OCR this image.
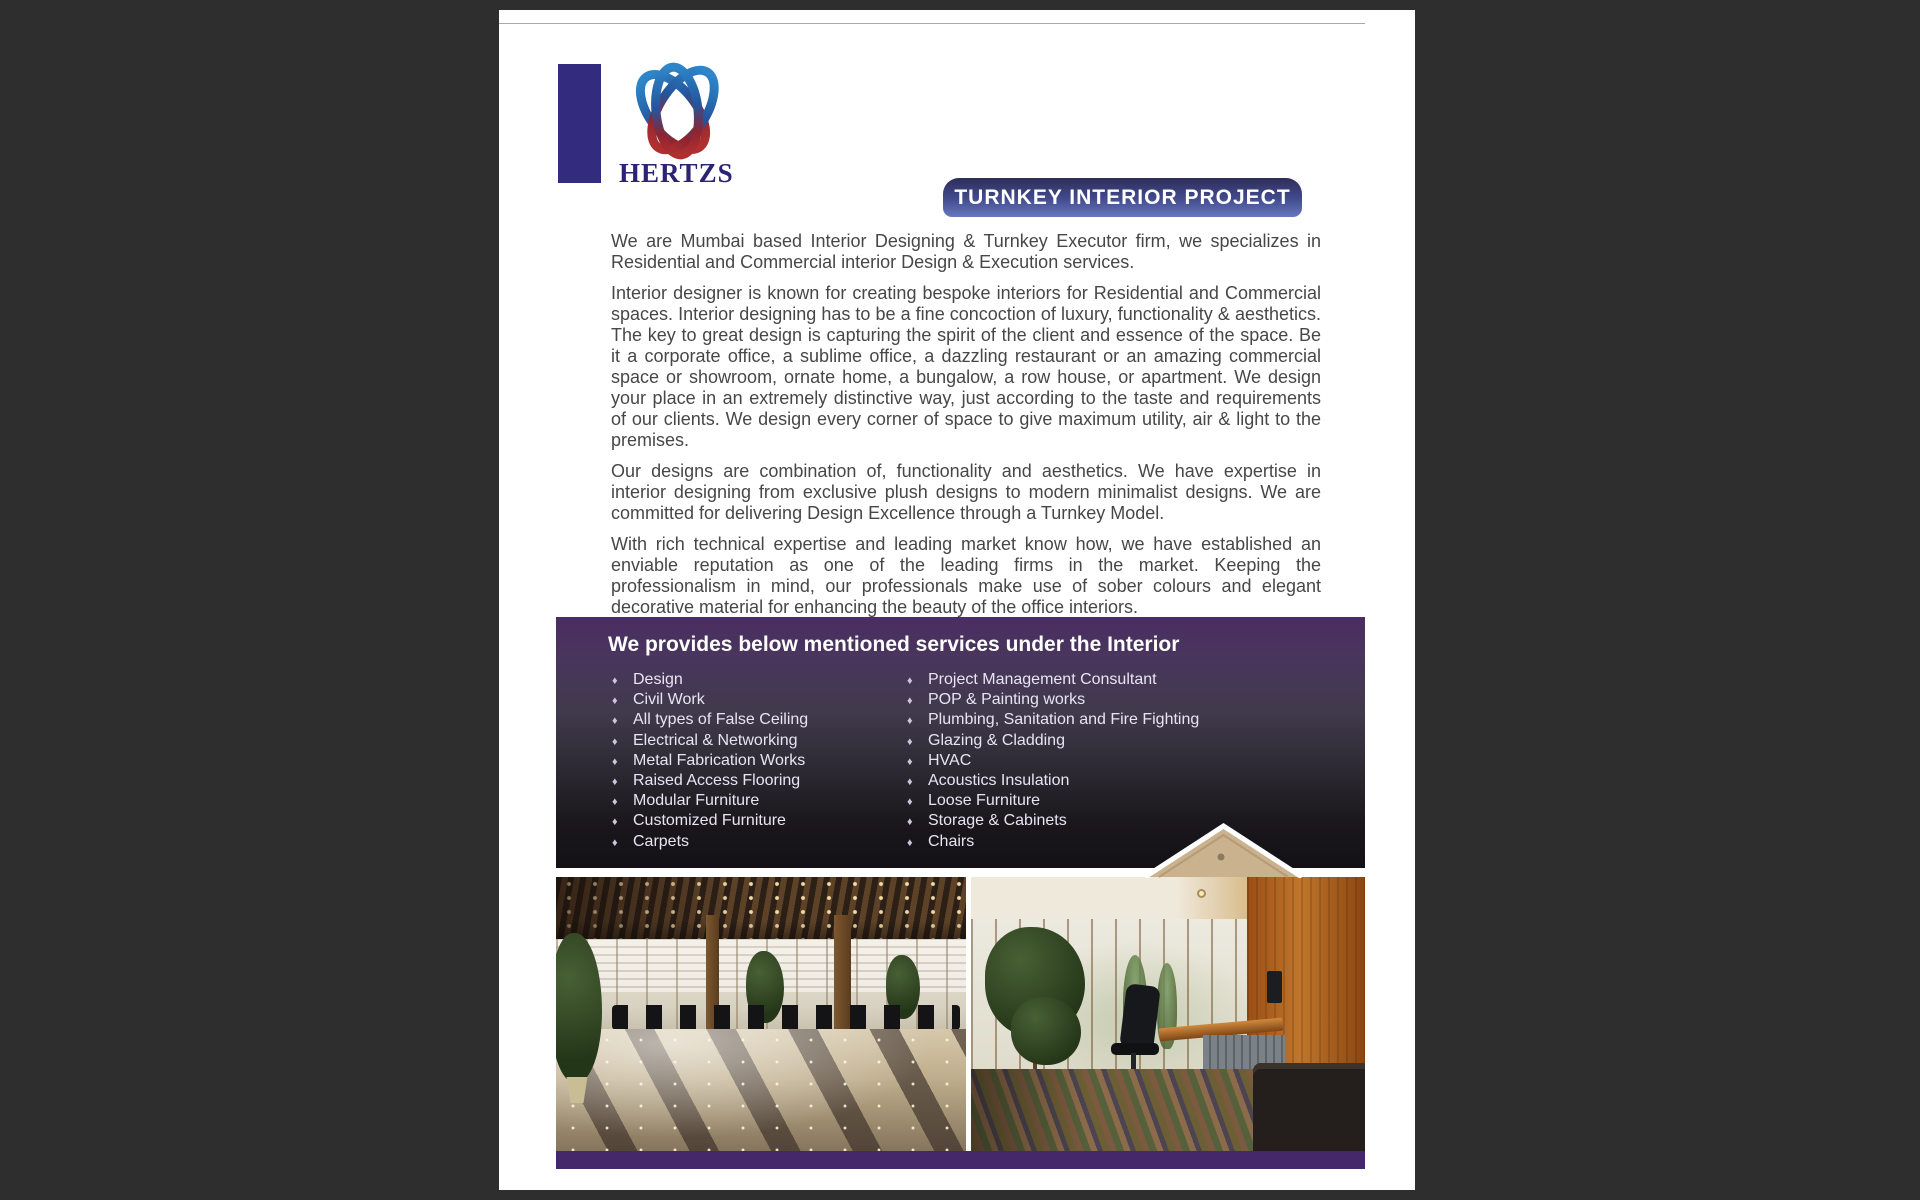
HERTZS
TURNKEY INTERIOR PROJECT

We are Mumbai based Interior Designing & Turnkey Executor firm, we specializes in Residential and Commercial interior Design & Execution services.

Interior designer is known for creating bespoke interiors for Residential and Commercial spaces. Interior designing has to be a fine concoction of luxury, functionality & aesthetics. The key to great design is capturing the spirit of the client and essence of the space. Be it a corporate office, a sublime office, a dazzling restaurant or an amazing commercial space or showroom, ornate home, a bungalow, a row house, or apartment. We design your place in an extremely distinctive way, just according to the taste and requirements of our clients. We design every corner of space to give maximum utility, air & light to the premises.

Our designs are combination of, functionality and aesthetics. We have expertise in interior designing from exclusive plush designs to modern minimalist designs. We are committed for delivering Design Excellence through a Turnkey Model.

With rich technical expertise and leading market know how, we have established an enviable reputation as one of the leading firms in the market. Keeping the professionalism in mind, our professionals make use of sober colours and elegant decorative material for enhancing the beauty of the office interiors.

We provides below mentioned services under the Interior
♦ Design
♦ Civil Work
♦ All types of False Ceiling
♦ Electrical & Networking
♦ Metal Fabrication Works
♦ Raised Access Flooring
♦ Modular Furniture
♦ Customized Furniture
♦ Carpets
♦ Project Management Consultant
♦ POP & Painting works
♦ Plumbing, Sanitation and Fire Fighting
♦ Glazing & Cladding
♦ HVAC
♦ Acoustics Insulation
♦ Loose Furniture
♦ Storage & Cabinets
♦ Chairs
